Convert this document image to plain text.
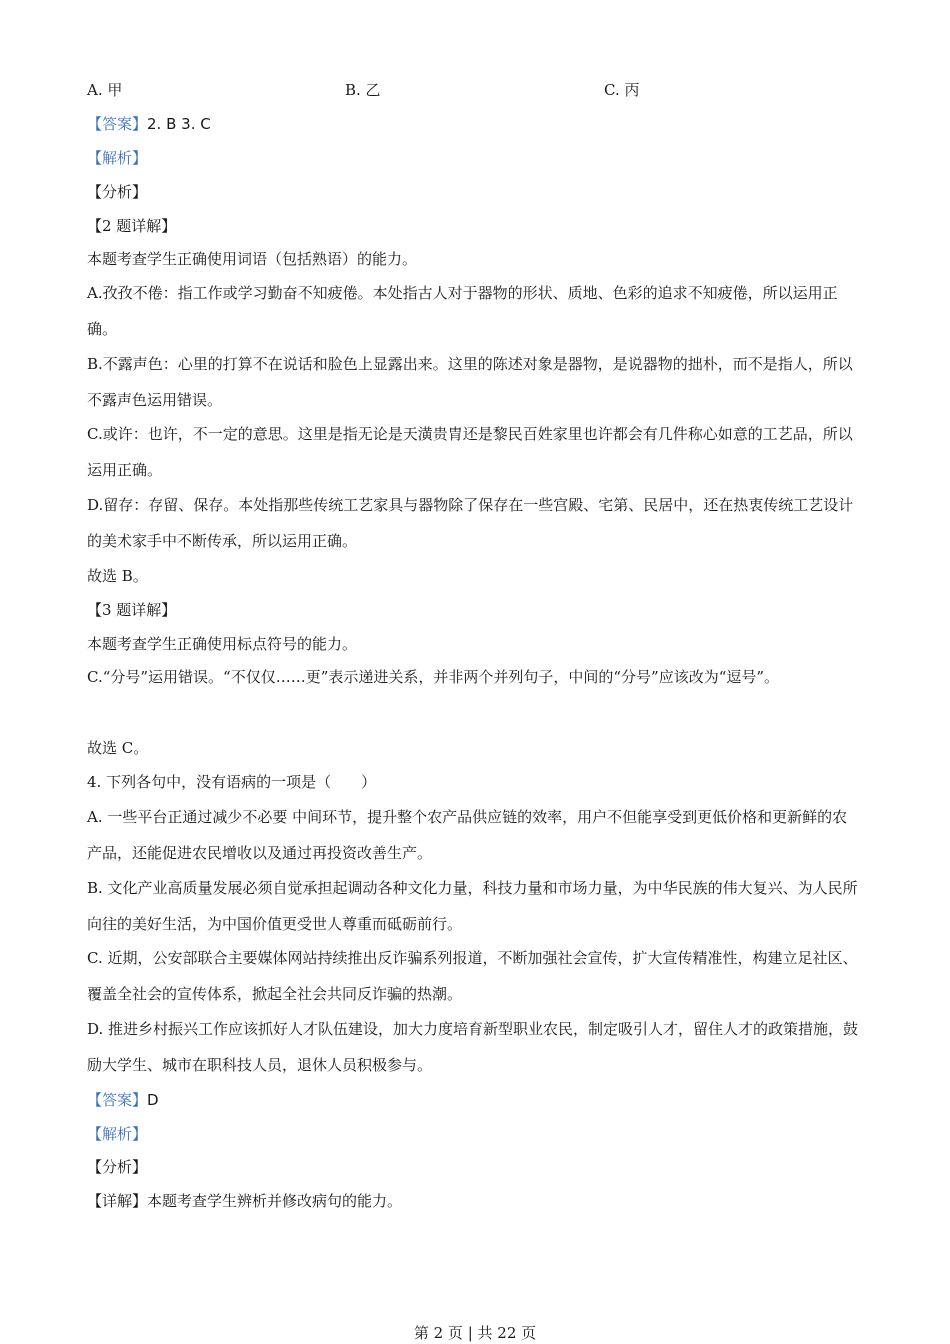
A. 甲	B. 乙	C. 丙
【答案】2. B 3. C
【解析】
【分析】
【2 题详解】
本题考查学生正确使用词语（包括熟语）的能力。
A.孜孜不倦：指工作或学习勤奋不知疲倦。本处指古人对于器物的形状、质地、色彩的追求不知疲倦，所以运用正确。
B.不露声色：心里的打算不在说话和脸色上显露出来。这里的陈述对象是器物，是说器物的拙朴，而不是指人，所以不露声色运用错误。
C.或许：也许，不一定的意思。这里是指无论是天潢贵胄还是黎民百姓家里也许都会有几件称心如意的工艺品，所以运用正确。
D.留存：存留、保存。本处指那些传统工艺家具与器物除了保存在一些宫殿、宅第、民居中，还在热衷传统工艺设计的美术家手中不断传承，所以运用正确。
故选 B。
【3 题详解】
本题考查学生正确使用标点符号的能力。
C.“分号”运用错误。“不仅仅……更”表示递进关系，并非两个并列句子，中间的“分号”应该改为“逗号”。
故选 C。
4. 下列各句中，没有语病的一项是（　　）
A. 一些平台正通过减少不必要 中间环节，提升整个农产品供应链的效率，用户不但能享受到更低价格和更新鲜的农产品，还能促进农民增收以及通过再投资改善生产。
B. 文化产业高质量发展必须自觉承担起调动各种文化力量，科技力量和市场力量，为中华民族的伟大复兴、为人民所向往的美好生活，为中国价值更受世人尊重而砥砺前行。
C. 近期，公安部联合主要媒体网站持续推出反诈骗系列报道，不断加强社会宣传，扩大宣传精准性，构建立足社区、覆盖全社会的宣传体系，掀起全社会共同反诈骗的热潮。
D. 推进乡村振兴工作应该抓好人才队伍建设，加大力度培育新型职业农民，制定吸引人才，留住人才的政策措施，鼓励大学生、城市在职科技人员，退休人员积极参与。
【答案】D
【解析】
【分析】
【详解】本题考查学生辨析并修改病句的能力。
第 2 页 | 共 22 页
